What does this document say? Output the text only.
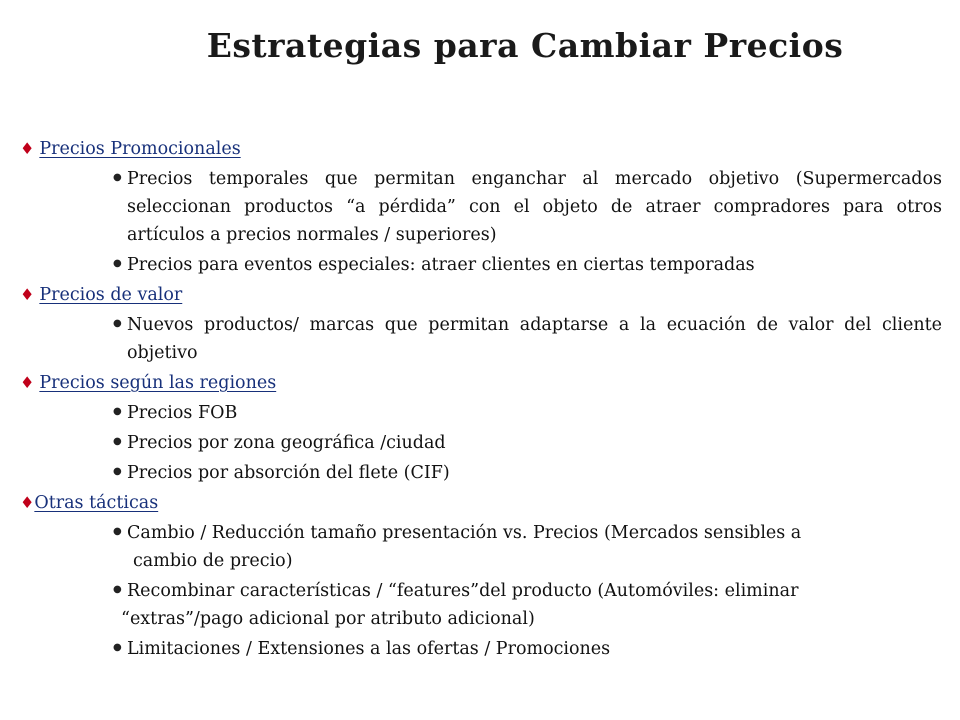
Estrategias para Cambiar Precios
♦ Precios Promocionales
● Precios temporales que permitan enganchar al mercado objetivo (Supermercados seleccionan productos “a pérdida” con el objeto de atraer compradores para otros artículos a precios normales / superiores)
● Precios para eventos especiales: atraer clientes en ciertas temporadas
♦ Precios de valor
● Nuevos productos/ marcas que permitan adaptarse a la ecuación de valor del cliente objetivo
♦ Precios según las regiones
● Precios FOB
● Precios por zona geográfica /ciudad
● Precios por absorción del flete (CIF)
♦ Otras tácticas
● Cambio / Reducción tamaño presentación vs. Precios (Mercados sensibles a
cambio de precio)
● Recombinar características / “features”del producto (Automóviles: eliminar
“extras”/pago adicional por atributo adicional)
● Limitaciones / Extensiones a las ofertas / Promociones
